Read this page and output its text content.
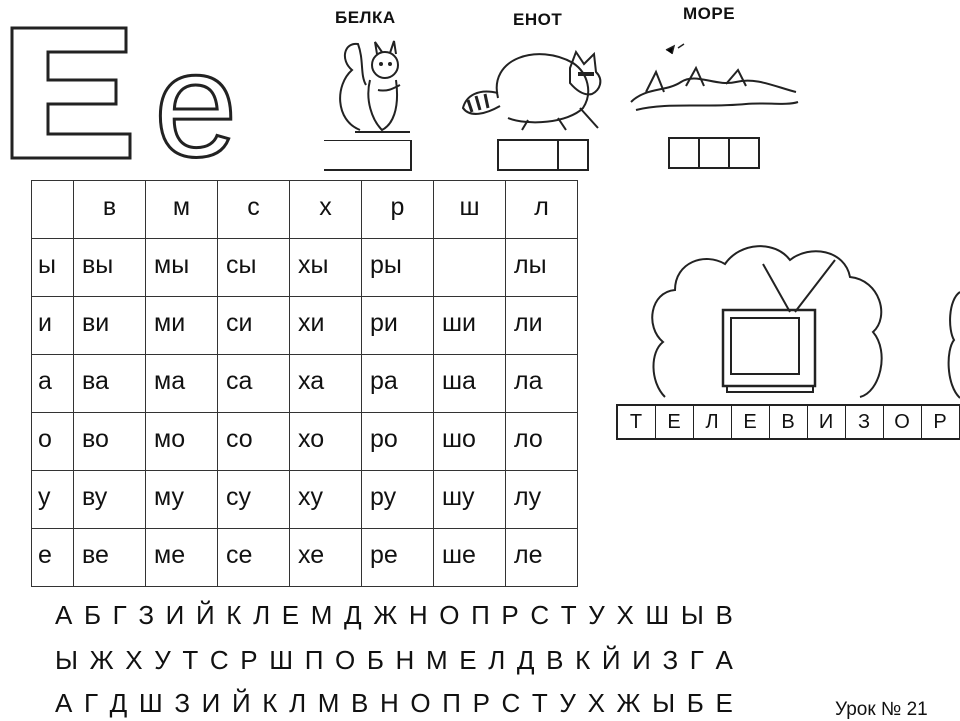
е
БЕЛКА	ЕНОТ	МОРЕ
	в	м	с	х	р	ш	л
ы	вы	мы	сы	хы	ры		лы
и	ви	ми	си	хи	ри	ши	ли
а	ва	ма	са	ха	ра	ша	ла
о	во	мо	со	хо	ро	шо	ло
у	ву	му	су	ху	ру	шу	лу
е	ве	ме	се	хе	ре	ше	ле
Т	Е	Л	Е	В	И	З	О	Р
А Б Г З И Й К Л Е М Д Ж Н О П Р С Т У Х Ш Ы В
Ы Ж Х У Т С Р Ш П О Б Н М Е Л Д В К Й И З Г А
А Г Д Ш З И Й К Л М В Н О П Р С Т У Х Ж Ы Б Е	Урок № 21
